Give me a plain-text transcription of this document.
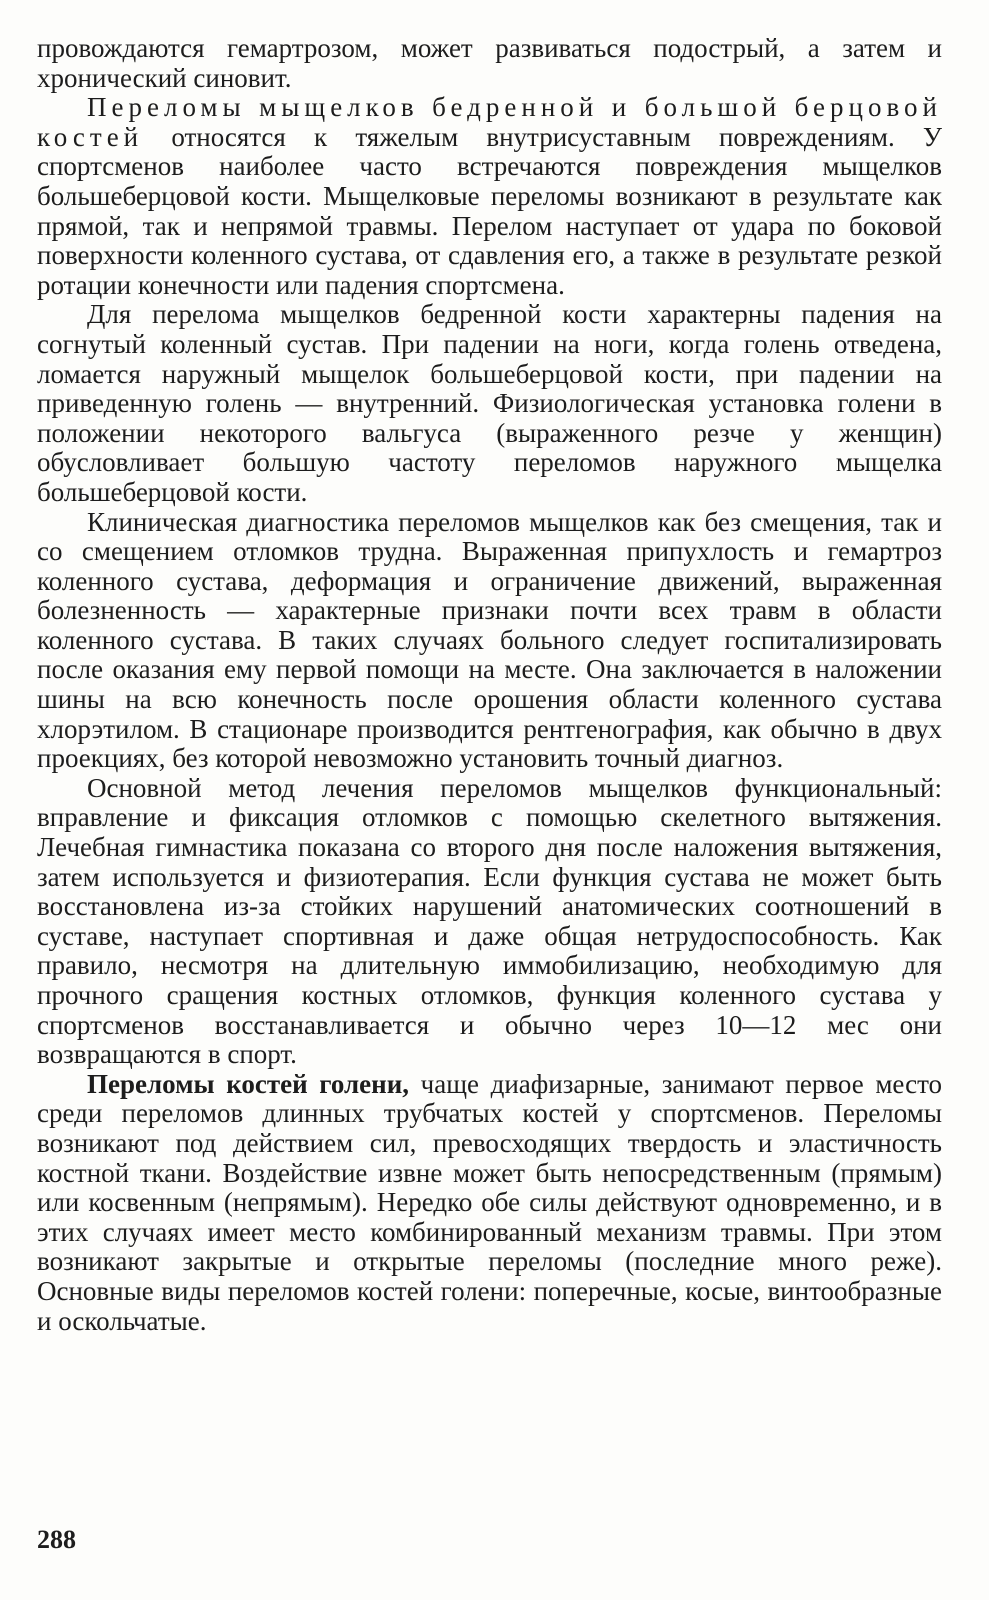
провождаются гемартрозом, может развиваться подострый, а затем и хронический синовит.

Переломы мыщелков бедренной и большой берцовой костей относятся к тяжелым внутрисуставным повреждениям. У спортсменов наиболее часто встречаются повреждения мыщелков большеберцовой кости. Мыщелковые переломы возникают в результате как прямой, так и непрямой травмы. Перелом наступает от удара по боковой поверхности коленного сустава, от сдавления его, а также в результате резкой ротации конечности или падения спортсмена.

Для перелома мыщелков бедренной кости характерны падения на согнутый коленный сустав. При падении на ноги, когда голень отведена, ломается наружный мыщелок большеберцовой кости, при падении на приведенную голень — внутренний. Физиологическая установка голени в положении некоторого вальгуса (выраженного резче у женщин) обусловливает большую частоту переломов наружного мыщелка большеберцовой кости.

Клиническая диагностика переломов мыщелков как без смещения, так и со смещением отломков трудна. Выраженная припухлость и гемартроз коленного сустава, деформация и ограничение движений, выраженная болезненность — характерные признаки почти всех травм в области коленного сустава. В таких случаях больного следует госпитализировать после оказания ему первой помощи на месте. Она заключается в наложении шины на всю конечность после орошения области коленного сустава хлорэтилом. В стационаре производится рентгенография, как обычно в двух проекциях, без которой невозможно установить точный диагноз.

Основной метод лечения переломов мыщелков функциональный: вправление и фиксация отломков с помощью скелетного вытяжения. Лечебная гимнастика показана со второго дня после наложения вытяжения, затем используется и физиотерапия. Если функция сустава не может быть восстановлена из-за стойких нарушений анатомических соотношений в суставе, наступает спортивная и даже общая нетрудоспособность. Как правило, несмотря на длительную иммобилизацию, необходимую для прочного сращения костных отломков, функция коленного сустава у спортсменов восстанавливается и обычно через 10—12 мес они возвращаются в спорт.

Переломы костей голени, чаще диафизарные, занимают первое место среди переломов длинных трубчатых костей у спортсменов. Переломы возникают под действием сил, превосходящих твердость и эластичность костной ткани. Воздействие извне может быть непосредственным (прямым) или косвенным (непрямым). Нередко обе силы действуют одновременно, и в этих случаях имеет место комбинированный механизм травмы. При этом возникают закрытые и открытые переломы (последние много реже). Основные виды переломов костей голени: поперечные, косые, винтообразные и оскольчатые.

288
